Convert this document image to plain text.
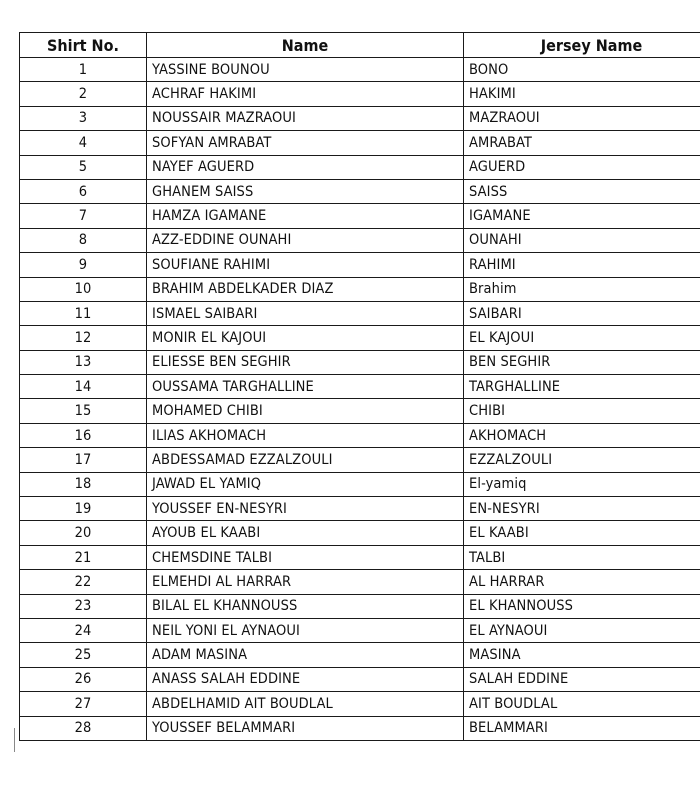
Shirt No.	Name	Jersey Name
1	YASSINE BOUNOU	BONO
2	ACHRAF HAKIMI	HAKIMI
3	NOUSSAIR MAZRAOUI	MAZRAOUI
4	SOFYAN AMRABAT	AMRABAT
5	NAYEF AGUERD	AGUERD
6	GHANEM SAISS	SAISS
7	HAMZA IGAMANE	IGAMANE
8	AZZ-EDDINE OUNAHI	OUNAHI
9	SOUFIANE RAHIMI	RAHIMI
10	BRAHIM ABDELKADER DIAZ	Brahim
11	ISMAEL SAIBARI	SAIBARI
12	MONIR EL KAJOUI	EL KAJOUI
13	ELIESSE BEN SEGHIR	BEN SEGHIR
14	OUSSAMA TARGHALLINE	TARGHALLINE
15	MOHAMED CHIBI	CHIBI
16	ILIAS AKHOMACH	AKHOMACH
17	ABDESSAMAD EZZALZOULI	EZZALZOULI
18	JAWAD EL YAMIQ	El-yamiq
19	YOUSSEF EN-NESYRI	EN-NESYRI
20	AYOUB EL KAABI	EL KAABI
21	CHEMSDINE TALBI	TALBI
22	ELMEHDI AL HARRAR	AL HARRAR
23	BILAL EL KHANNOUSS	EL KHANNOUSS
24	NEIL YONI EL AYNAOUI	EL AYNAOUI
25	ADAM MASINA	MASINA
26	ANASS SALAH EDDINE	SALAH EDDINE
27	ABDELHAMID AIT BOUDLAL	AIT BOUDLAL
28	YOUSSEF BELAMMARI	BELAMMARI
